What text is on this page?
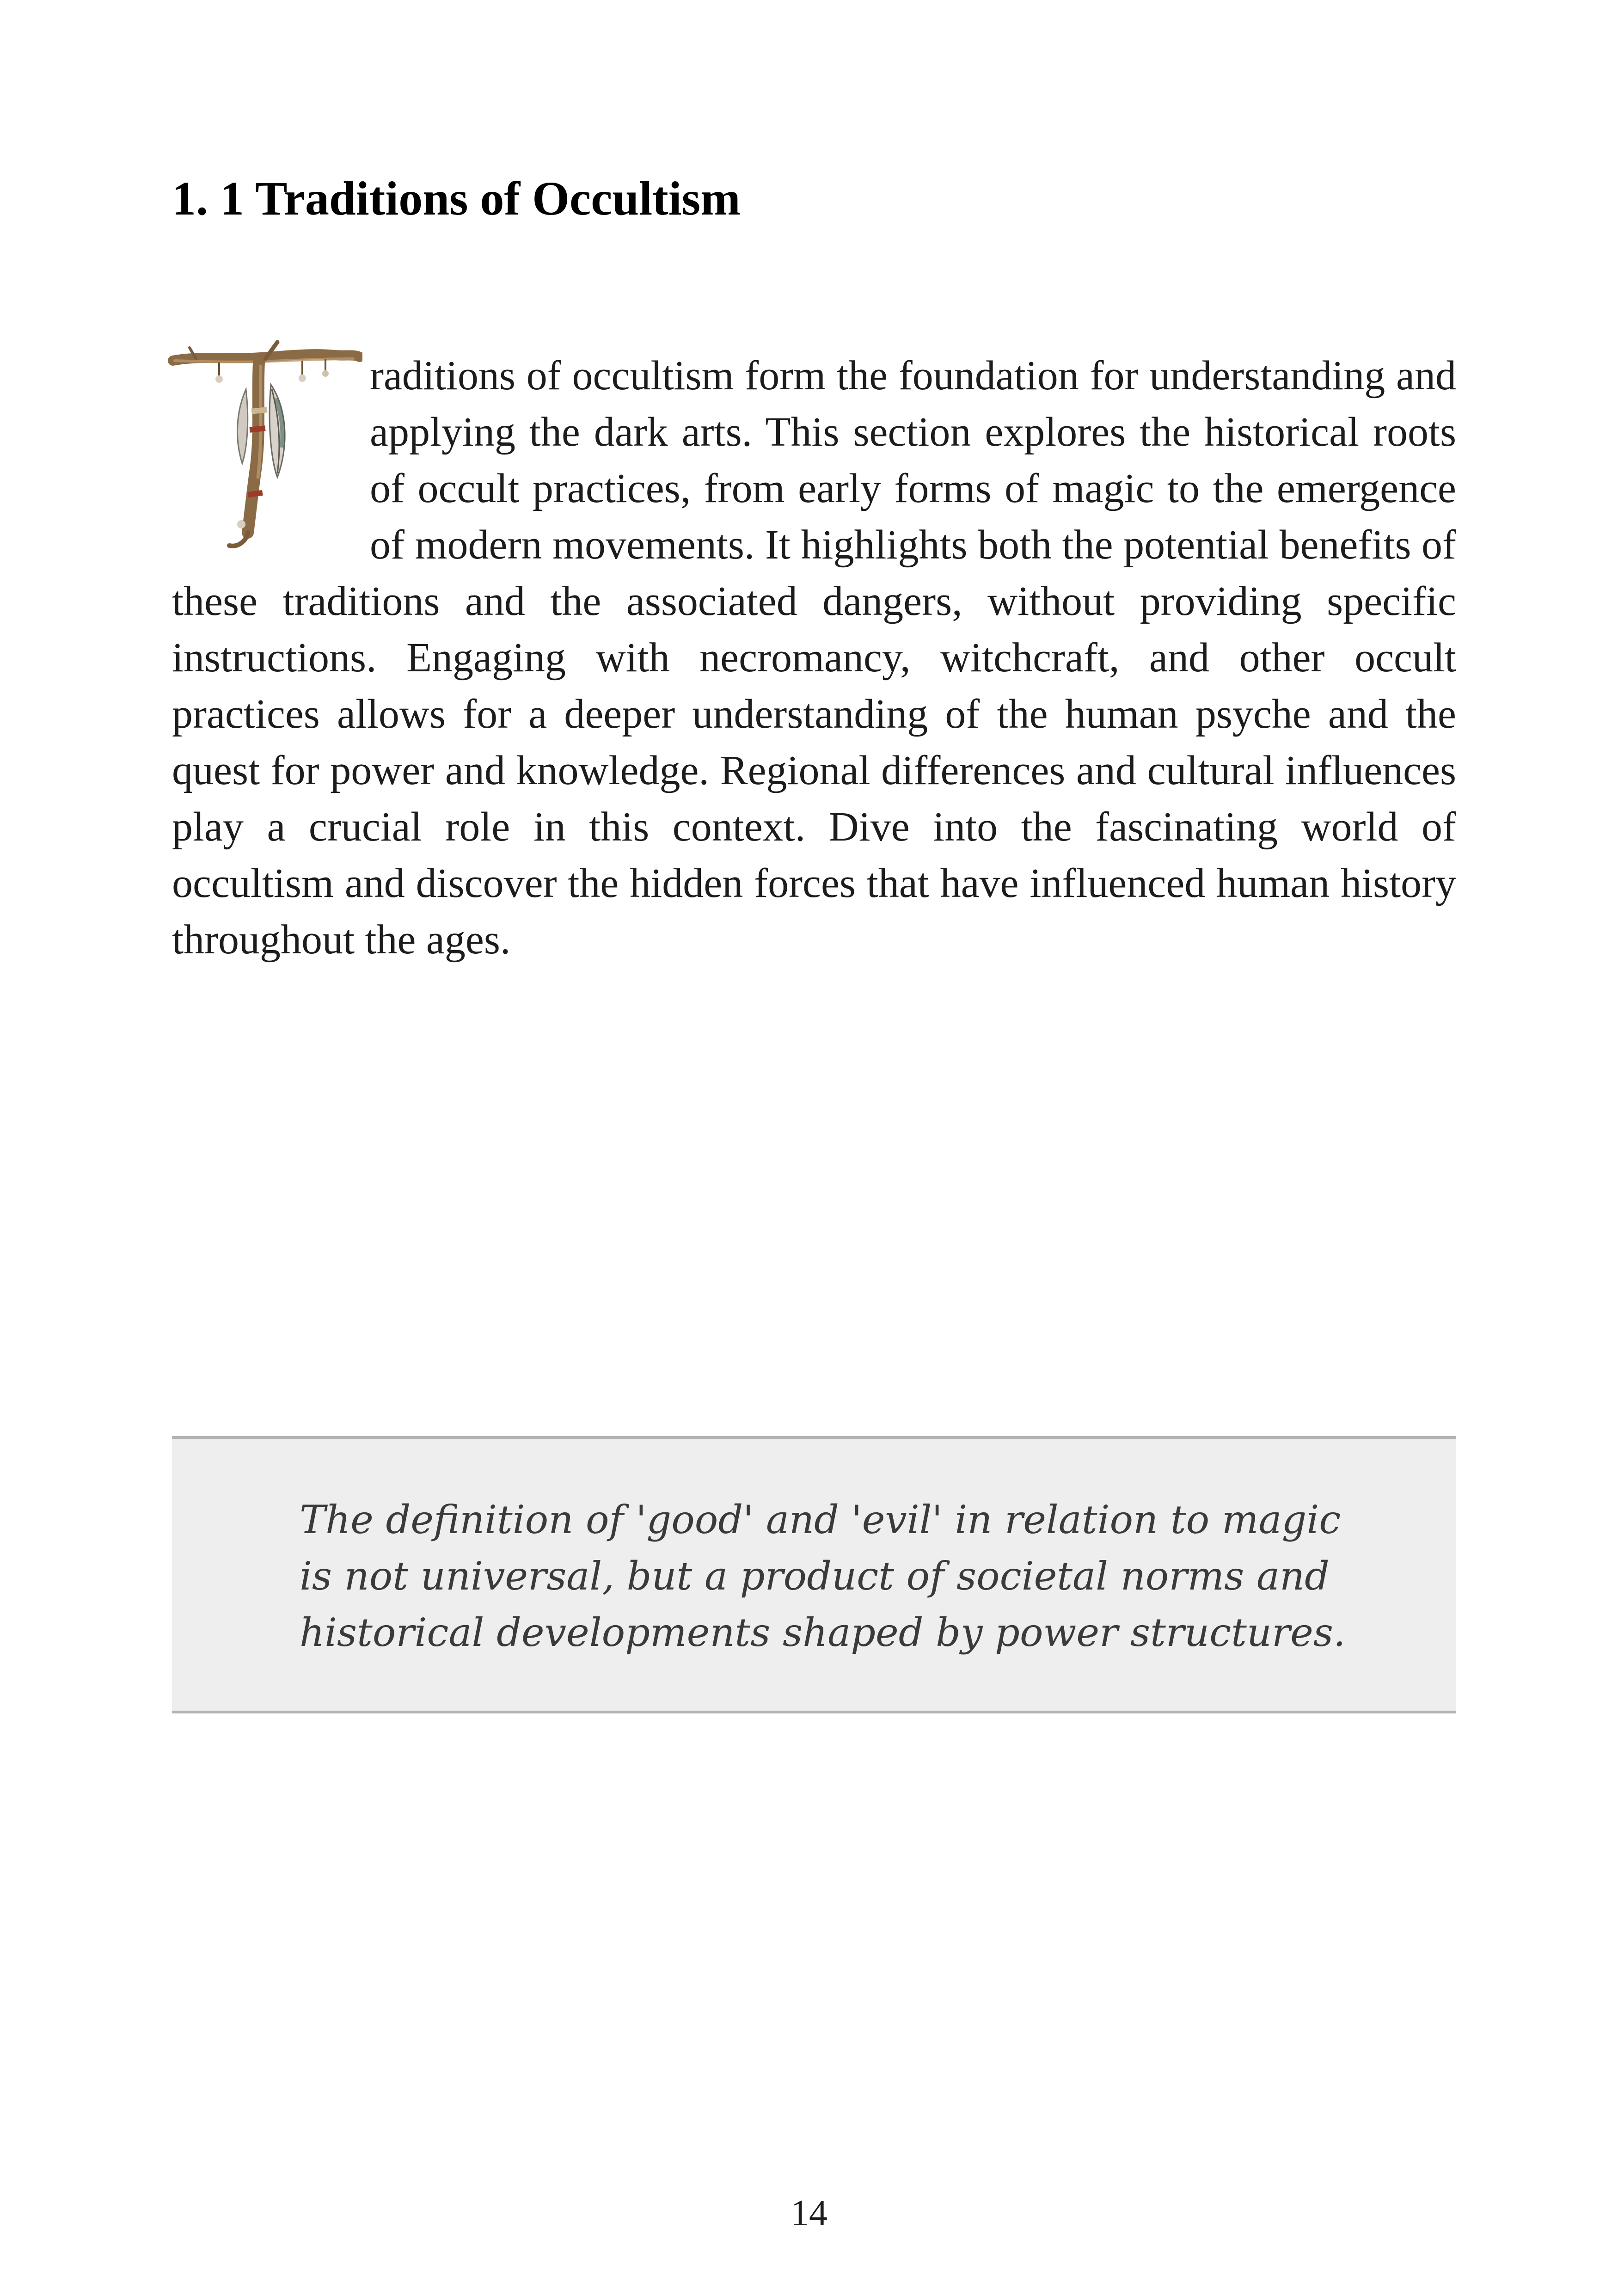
1. 1 Traditions of Occultism
raditions of occultism form the foundation for understanding and applying the dark arts. This section explores the historical roots of occult practices, from early forms of magic to the emergence of modern movements. It highlights both the potential benefits of these traditions and the associated dangers, without providing specific instructions. Engaging with necromancy, witchcraft, and other occult practices allows for a deeper understanding of the human psyche and the quest for power and knowledge. Regional differences and cultural influences play a crucial role in this context. Dive into the fascinating world of occultism and discover the hidden forces that have influenced human history throughout the ages.

The definition of 'good' and 'evil' in relation to magic is not universal, but a product of societal norms and historical developments shaped by power structures.

14
